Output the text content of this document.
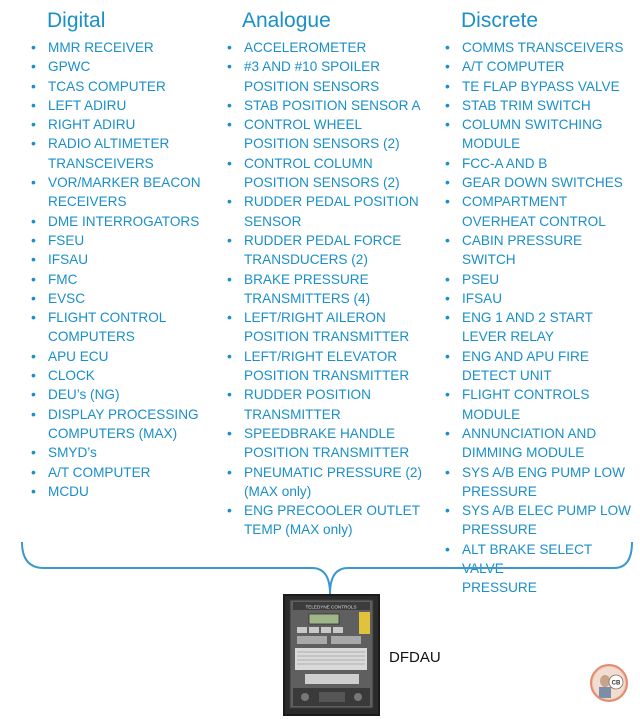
Digital
• MMR RECEIVER
• GPWC
• TCAS COMPUTER
• LEFT ADIRU
• RIGHT ADIRU
• RADIO ALTIMETER
TRANSCEIVERS
• VOR/MARKER BEACON
RECEIVERS
• DME INTERROGATORS
• FSEU
• IFSAU
• FMC
• EVSC
• FLIGHT CONTROL
COMPUTERS
• APU ECU
• CLOCK
• DEU’s (NG)
• DISPLAY PROCESSING
COMPUTERS (MAX)
• SMYD’s
• A/T COMPUTER
• MCDU
Analogue
• ACCELEROMETER
• #3 AND #10 SPOILER
POSITION SENSORS
• STAB POSITION SENSOR A
• CONTROL WHEEL
POSITION SENSORS (2)
• CONTROL COLUMN
POSITION SENSORS (2)
• RUDDER PEDAL POSITION
SENSOR
• RUDDER PEDAL FORCE
TRANSDUCERS (2)
• BRAKE PRESSURE
TRANSMITTERS (4)
• LEFT/RIGHT AILERON
POSITION TRANSMITTER
• LEFT/RIGHT ELEVATOR
POSITION TRANSMITTER
• RUDDER POSITION
TRANSMITTER
• SPEEDBRAKE HANDLE
POSITION TRANSMITTER
• PNEUMATIC PRESSURE (2)
(MAX only)
• ENG PRECOOLER OUTLET
TEMP (MAX only)
Discrete
• COMMS TRANSCEIVERS
• A/T COMPUTER
• TE FLAP BYPASS VALVE
• STAB TRIM SWITCH
• COLUMN SWITCHING
MODULE
• FCC-A AND B
• GEAR DOWN SWITCHES
• COMPARTMENT
OVERHEAT CONTROL
• CABIN PRESSURE SWITCH
• PSEU
• IFSAU
• ENG 1 AND 2 START
LEVER RELAY
• ENG AND APU FIRE
DETECT UNIT
• FLIGHT CONTROLS
MODULE
• ANNUNCIATION AND
DIMMING MODULE
• SYS A/B ENG PUMP LOW
PRESSURE
• SYS A/B ELEC PUMP LOW
PRESSURE
• ALT BRAKE SELECT VALVE
PRESSURE
TELEDYNE CONTROLS
DFDAU
CB
